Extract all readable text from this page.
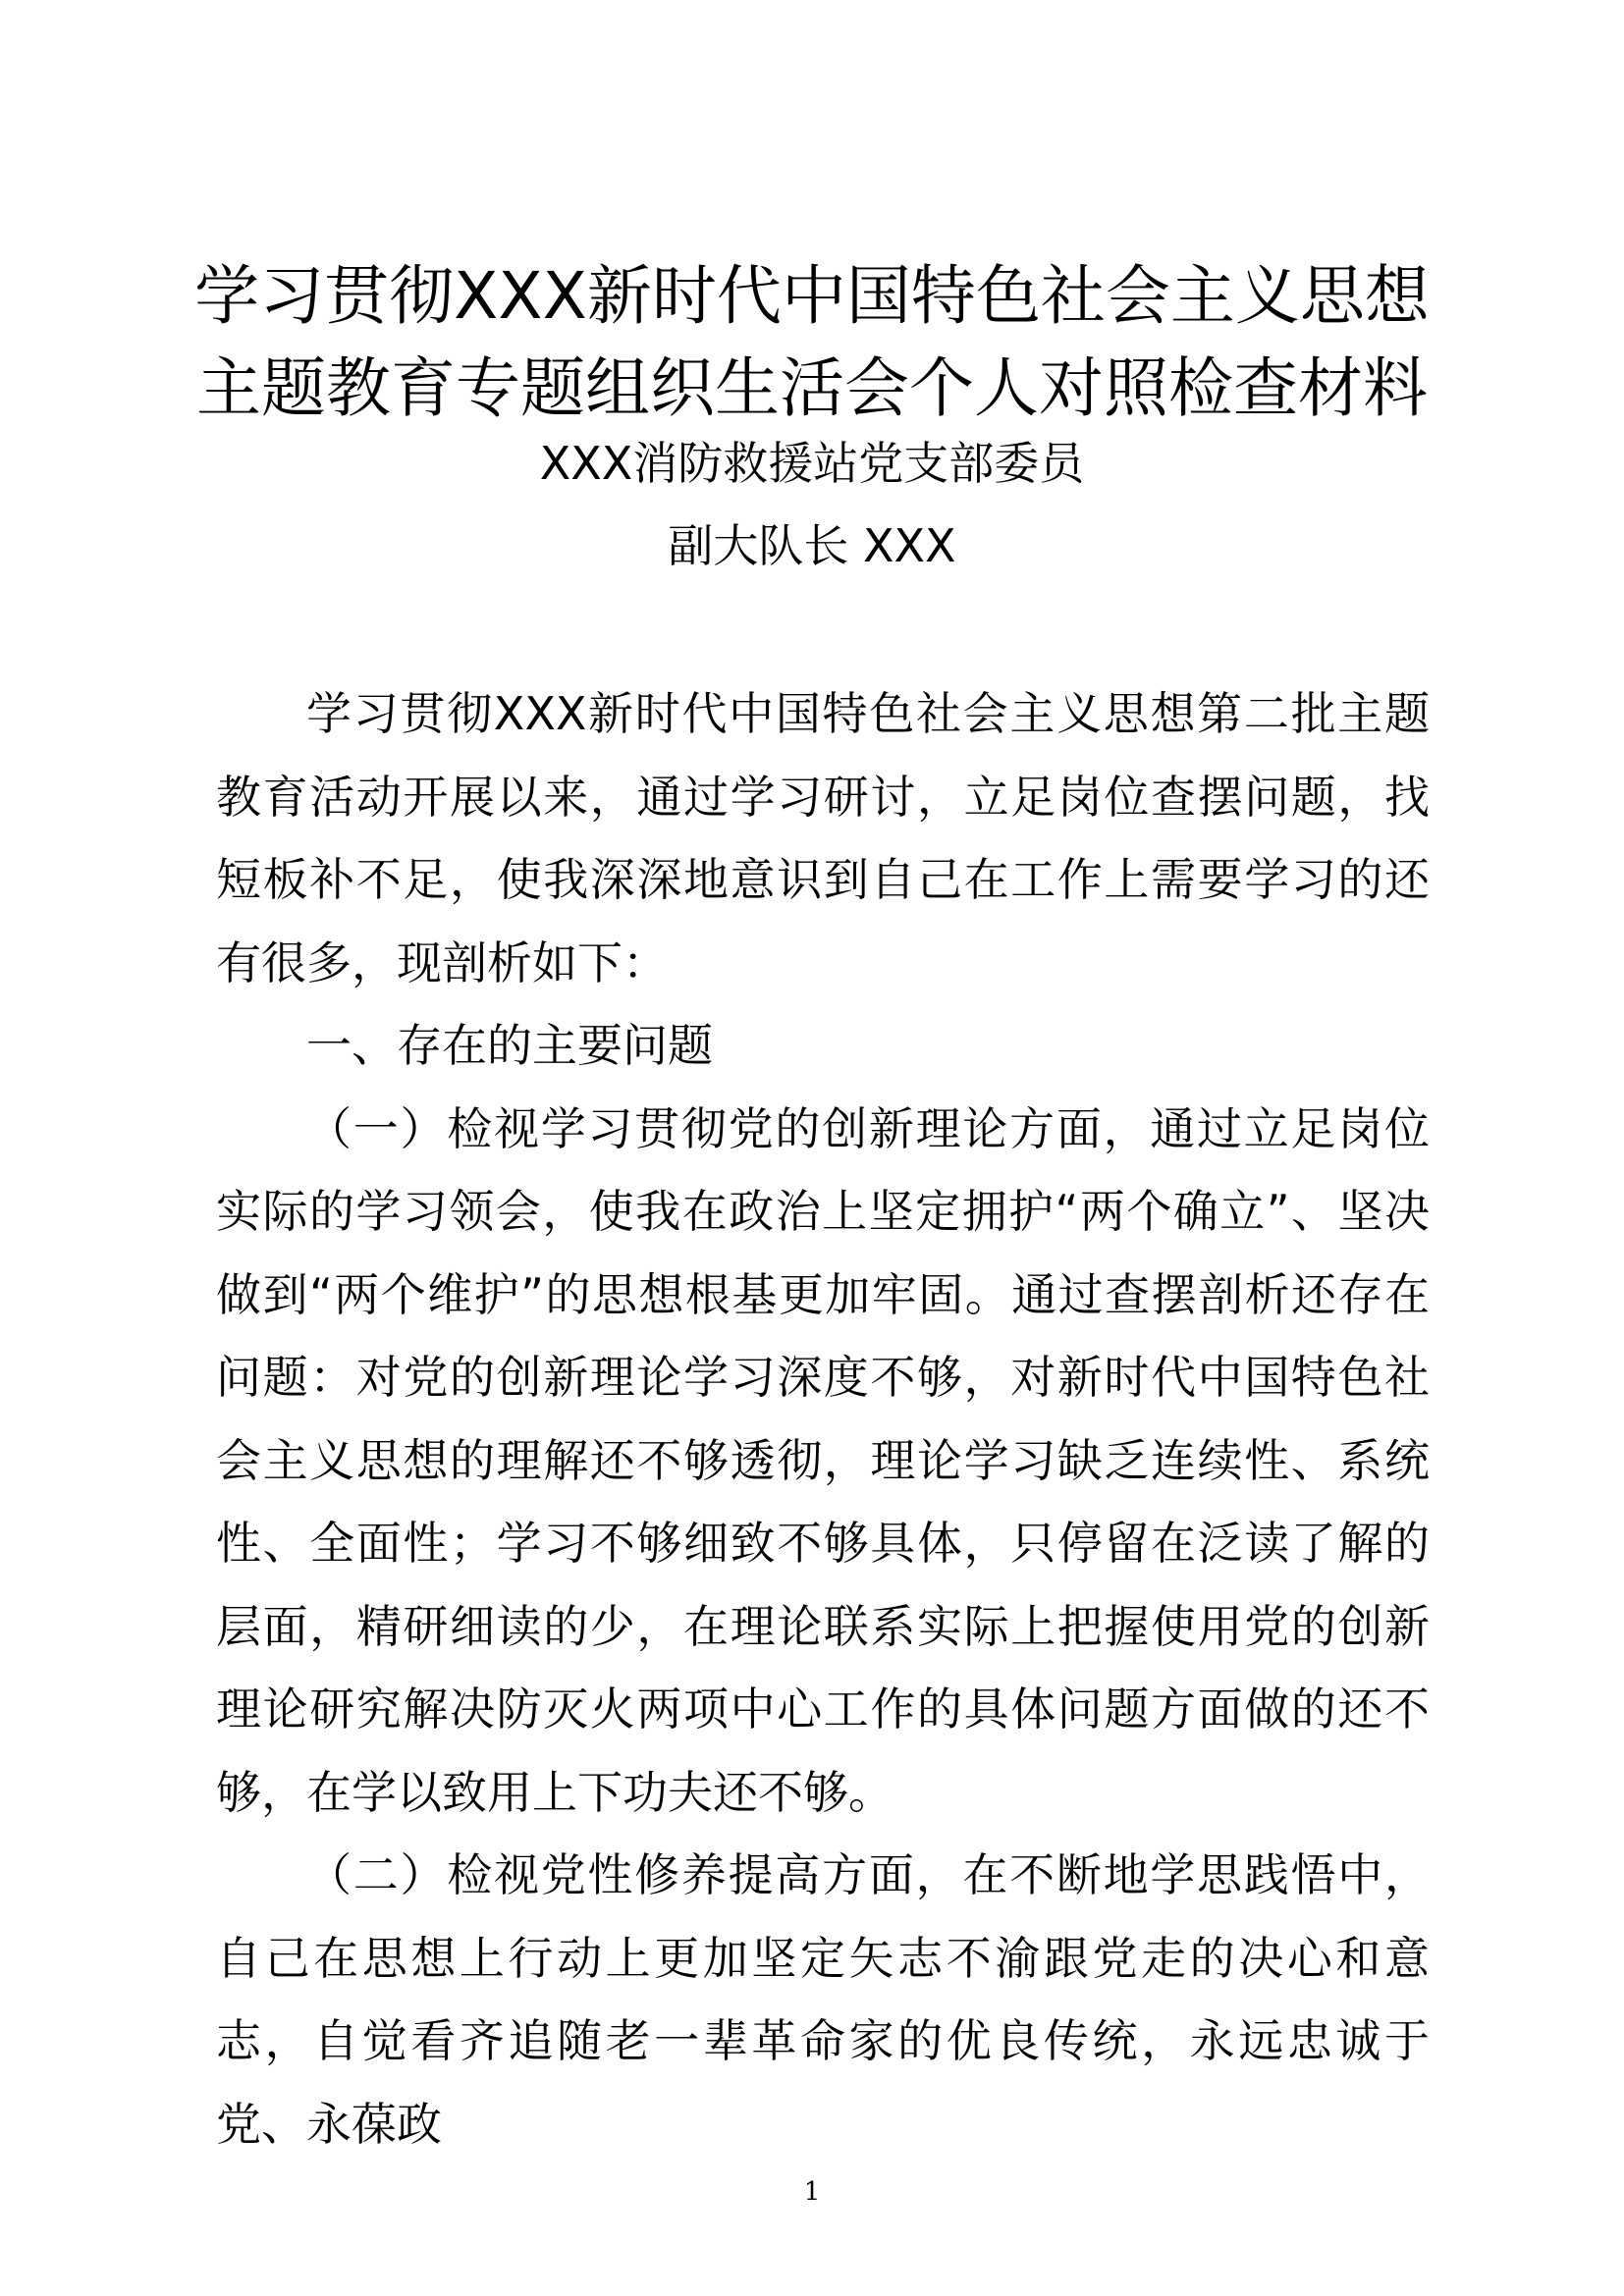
学习贯彻XXX新时代中国特色社会主义思想
主题教育专题组织生活会个人对照检查材料
XXX消防救援站党支部委员
副大队长 XXX

学习贯彻XXX新时代中国特色社会主义思想第二批主题教育活动开展以来，通过学习研讨，立足岗位查摆问题，找短板补不足，使我深深地意识到自己在工作上需要学习的还有很多，现剖析如下：

一、存在的主要问题

（一）检视学习贯彻党的创新理论方面，通过立足岗位实际的学习领会，使我在政治上坚定拥护“两个确立”、坚决做到“两个维护”的思想根基更加牢固。通过查摆剖析还存在问题：对党的创新理论学习深度不够，对新时代中国特色社会主义思想的理解还不够透彻，理论学习缺乏连续性、系统性、全面性；学习不够细致不够具体，只停留在泛读了解的层面，精研细读的少，在理论联系实际上把握使用党的创新理论研究解决防灭火两项中心工作的具体问题方面做的还不够，在学以致用上下功夫还不够。

（二）检视党性修养提高方面，在不断地学思践悟中，自己在思想上行动上更加坚定矢志不渝跟党走的决心和意志，自觉看齐追随老一辈革命家的优良传统，永远忠诚于党、永葆政

1
